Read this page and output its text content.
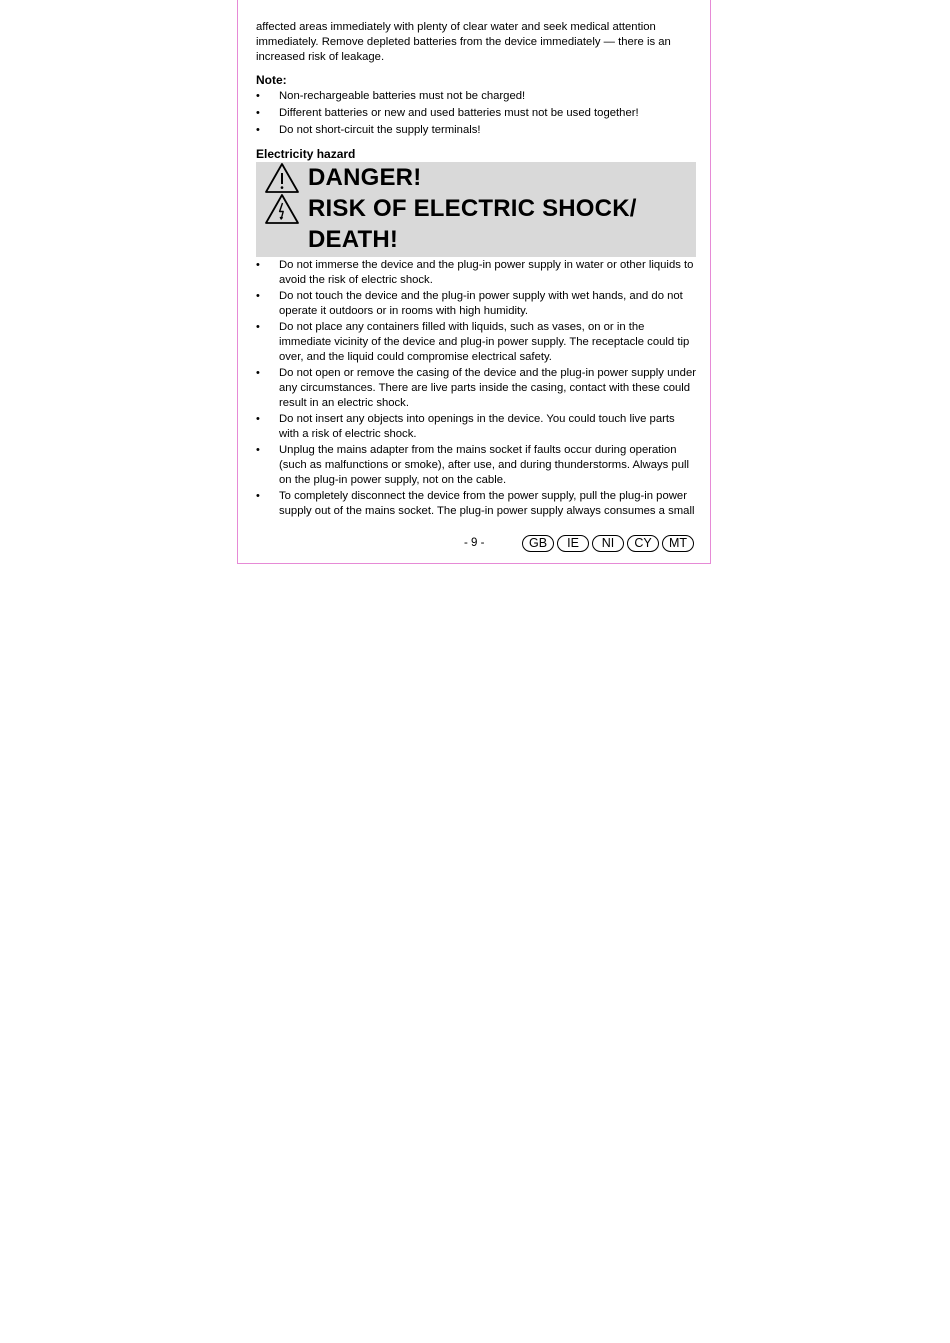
affected areas immediately with plenty of clear water and seek medical attention immediately. Remove depleted batteries from the device immediately — there is an increased risk of leakage.

Note:

• Non-rechargeable batteries must not be charged!
• Different batteries or new and used batteries must not be used together!
• Do not short-circuit the supply terminals!

Electricity hazard

DANGER!
RISK OF ELECTRIC SHOCK/
DEATH!
• Do not immerse the device and the plug-in power supply in water or other liquids to avoid the risk of electric shock.
• Do not touch the device and the plug-in power supply with wet hands, and do not operate it outdoors or in rooms with high humidity.
• Do not place any containers filled with liquids, such as vases, on or in the immediate vicinity of the device and plug-in power supply. The receptacle could tip over, and the liquid could compromise electrical safety.
• Do not open or remove the casing of the device and the plug-in power supply under any circumstances. There are live parts inside the casing, contact with these could result in an electric shock.
• Do not insert any objects into openings in the device. You could touch live parts with a risk of electric shock.
• Unplug the mains adapter from the mains socket if faults occur during operation (such as malfunctions or smoke), after use, and during thunderstorms. Always pull on the plug-in power supply, not on the cable.
• To completely disconnect the device from the power supply, pull the plug-in power supply out of the mains socket. The plug-in power supply always consumes a small
- 9 -	GB	IE	NI	CY	MT
